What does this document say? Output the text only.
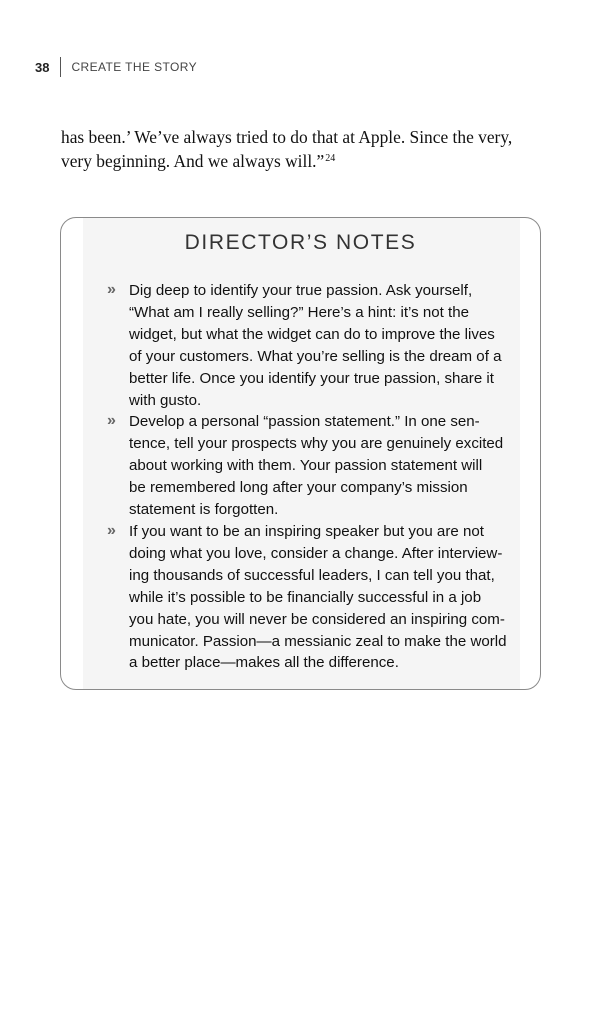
38 CREATE THE STORY

has been.’ We’ve always tried to do that at Apple. Since the very,
very beginning. And we always will.”$^{24}$

DIRECTOR’S NOTES
» Dig deep to identify your true passion. Ask yourself,
“What am I really selling?” Here’s a hint: it’s not the
widget, but what the widget can do to improve the lives
of your customers. What you’re selling is the dream of a
better life. Once you identify your true passion, share it
with gusto.
» Develop a personal “passion statement.” In one sen-
tence, tell your prospects why you are genuinely excited
about working with them. Your passion statement will
be remembered long after your company’s mission
statement is forgotten.
» If you want to be an inspiring speaker but you are not
doing what you love, consider a change. After interview-
ing thousands of successful leaders, I can tell you that,
while it’s possible to be financially successful in a job
you hate, you will never be considered an inspiring com-
municator. Passion—a messianic zeal to make the world
a better place—makes all the difference.
